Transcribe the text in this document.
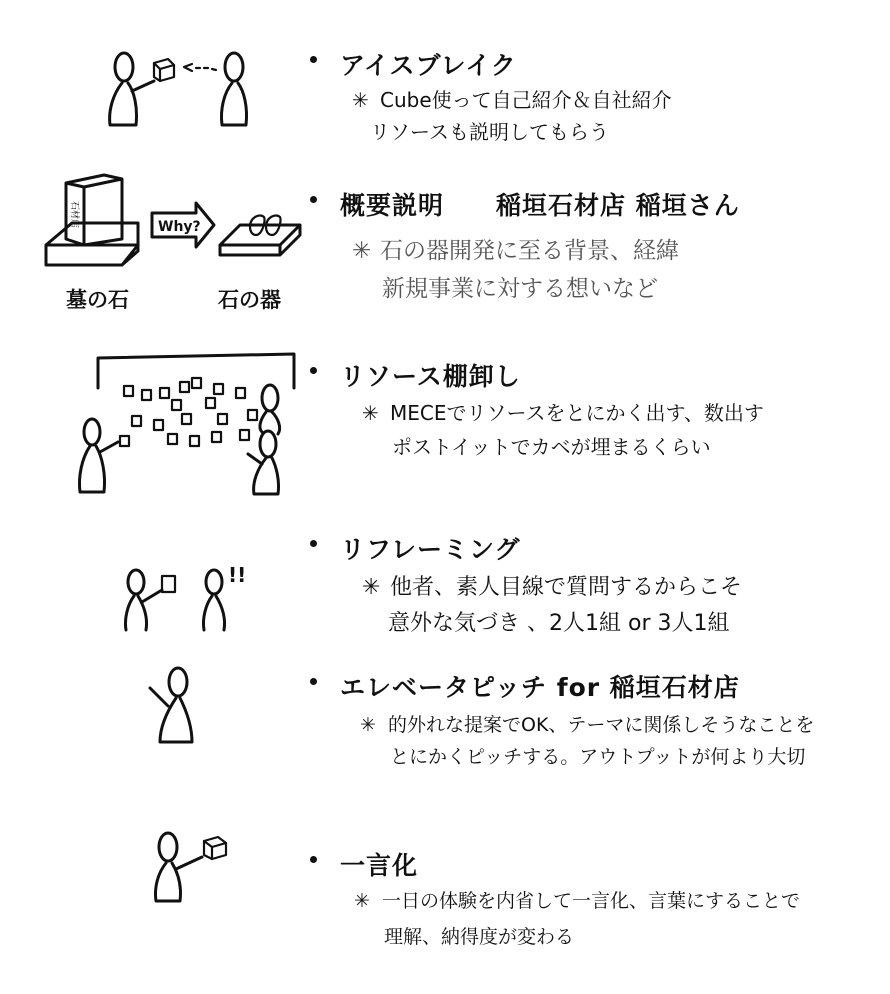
石材店	Why?
墓の石	石の器
!!
アイスブレイク
✳ Cube使って自己紹介＆自社紹介
リソースも説明してもらう
概要説明　　稲垣石材店 稲垣さん
✳ 石の器開発に至る背景、経緯
新規事業に対する想いなど
リソース棚卸し
✳ MECEでリソースをとにかく出す、数出す
ポストイットでカベが埋まるくらい
リフレーミング
✳ 他者、素人目線で質問するからこそ
意外な気づき 、2人1組 or 3人1組
エレベータピッチ for 稲垣石材店
✳ 的外れな提案でOK、テーマに関係しそうなことを
とにかくピッチする。アウトプットが何より大切
一言化
✳ 一日の体験を内省して一言化、言葉にすることで
理解、納得度が変わる
